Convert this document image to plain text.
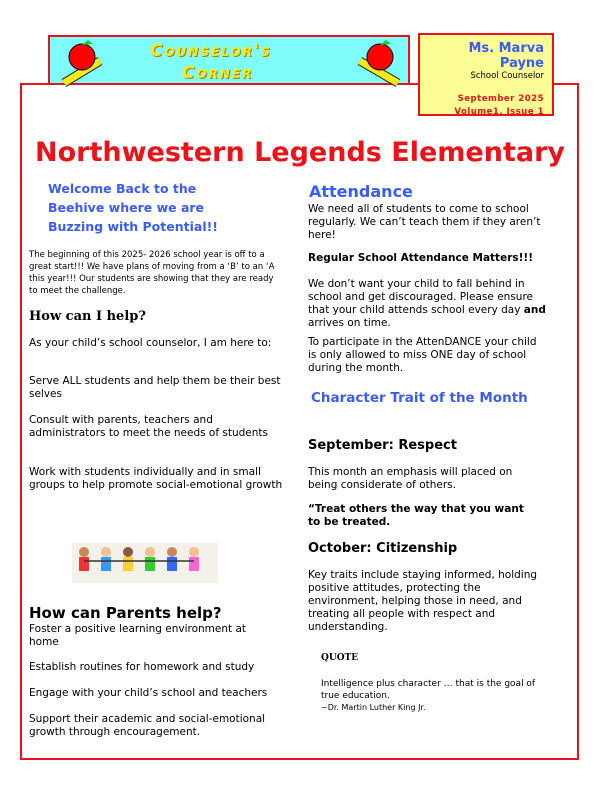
Counselor's
Corner
Ms. Marva Payne
School Counselor
September 2025
Volume1, Issue 1
Northwestern Legends Elementary
Welcome Back to the Beehive where we are Buzzing with Potential!!
The beginning of this 2025- 2026 school year is off to a great start!!! We have plans of moving from a ‘B’ to an ‘A this year!!! Our students are showing that they are ready to meet the challenge.
How can I help?
As your child’s school counselor, I am here to:
Serve ALL students and help them be their best selves
Consult with parents, teachers and administrators to meet the needs of students
Work with students individually and in small groups to help promote social-emotional growth
How can Parents help?
Foster a positive learning environment at home
Establish routines for homework and study
Engage with your child’s school and teachers
Support their academic and social-emotional growth through encouragement.
Attendance
We need all of students to come to school regularly. We can’t teach them if they aren’t here!
Regular School Attendance Matters!!!
We don’t want your child to fall behind in school and get discouraged. Please ensure that your child attends school every day and arrives on time.
To participate in the AttenDANCE your child is only allowed to miss ONE day of school during the month.
Character Trait of the Month
September: Respect
This month an emphasis will placed on being considerate of others.
“Treat others the way that you want to be treated.
October: Citizenship
Key traits include staying informed, holding positive attitudes, protecting the environment, helping those in need, and treating all people with respect and understanding.
QUOTE
Intelligence plus character … that is the goal of true education.
~Dr. Martin Luther King Jr.
